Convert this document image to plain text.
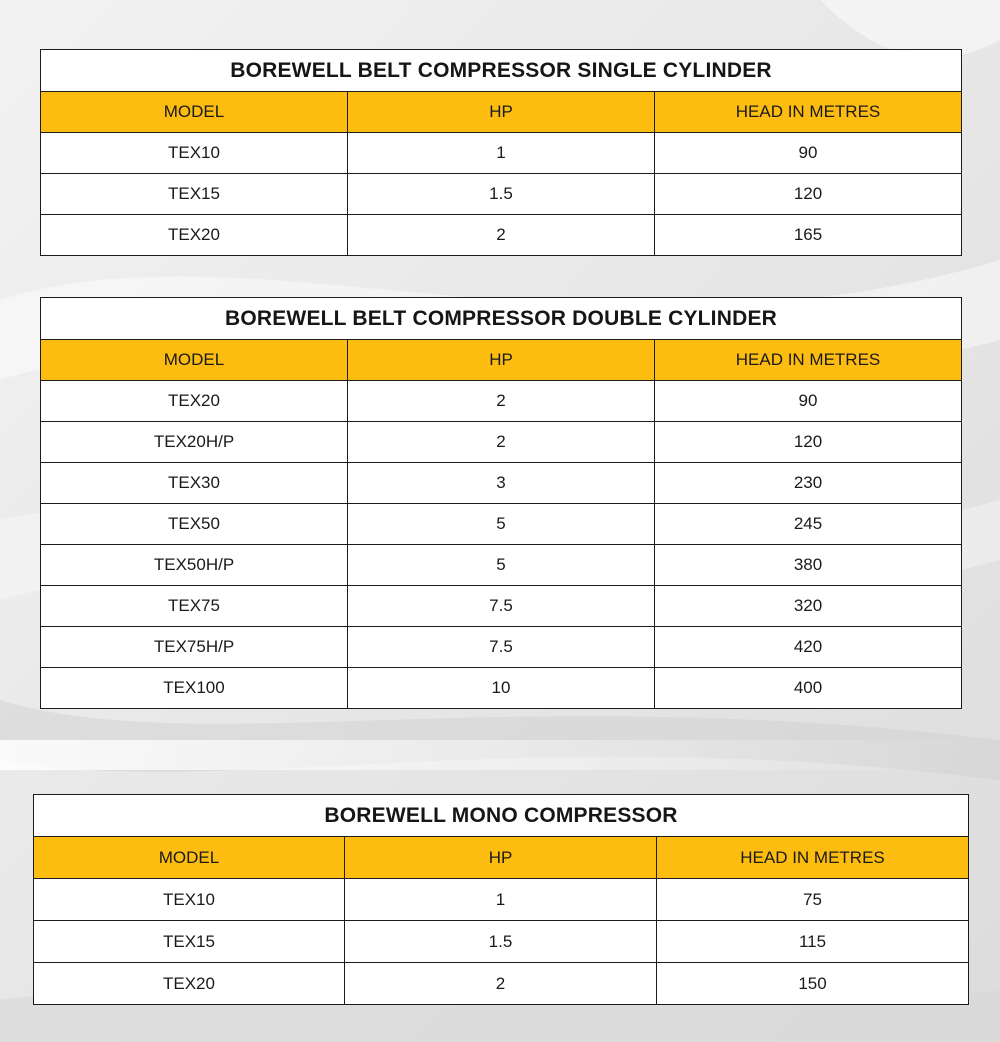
BOREWELL BELT COMPRESSOR SINGLE CYLINDER		
MODEL	HP	HEAD IN METRES
TEX10	1	90
TEX15	1.5	120
TEX20	2	165
BOREWELL BELT COMPRESSOR DOUBLE CYLINDER		
MODEL	HP	HEAD IN METRES
TEX20	2	90
TEX20H/P	2	120
TEX30	3	230
TEX50	5	245
TEX50H/P	5	380
TEX75	7.5	320
TEX75H/P	7.5	420
TEX100	10	400
BOREWELL MONO COMPRESSOR		
MODEL	HP	HEAD IN METRES
TEX10	1	75
TEX15	1.5	115
TEX20	2	150
